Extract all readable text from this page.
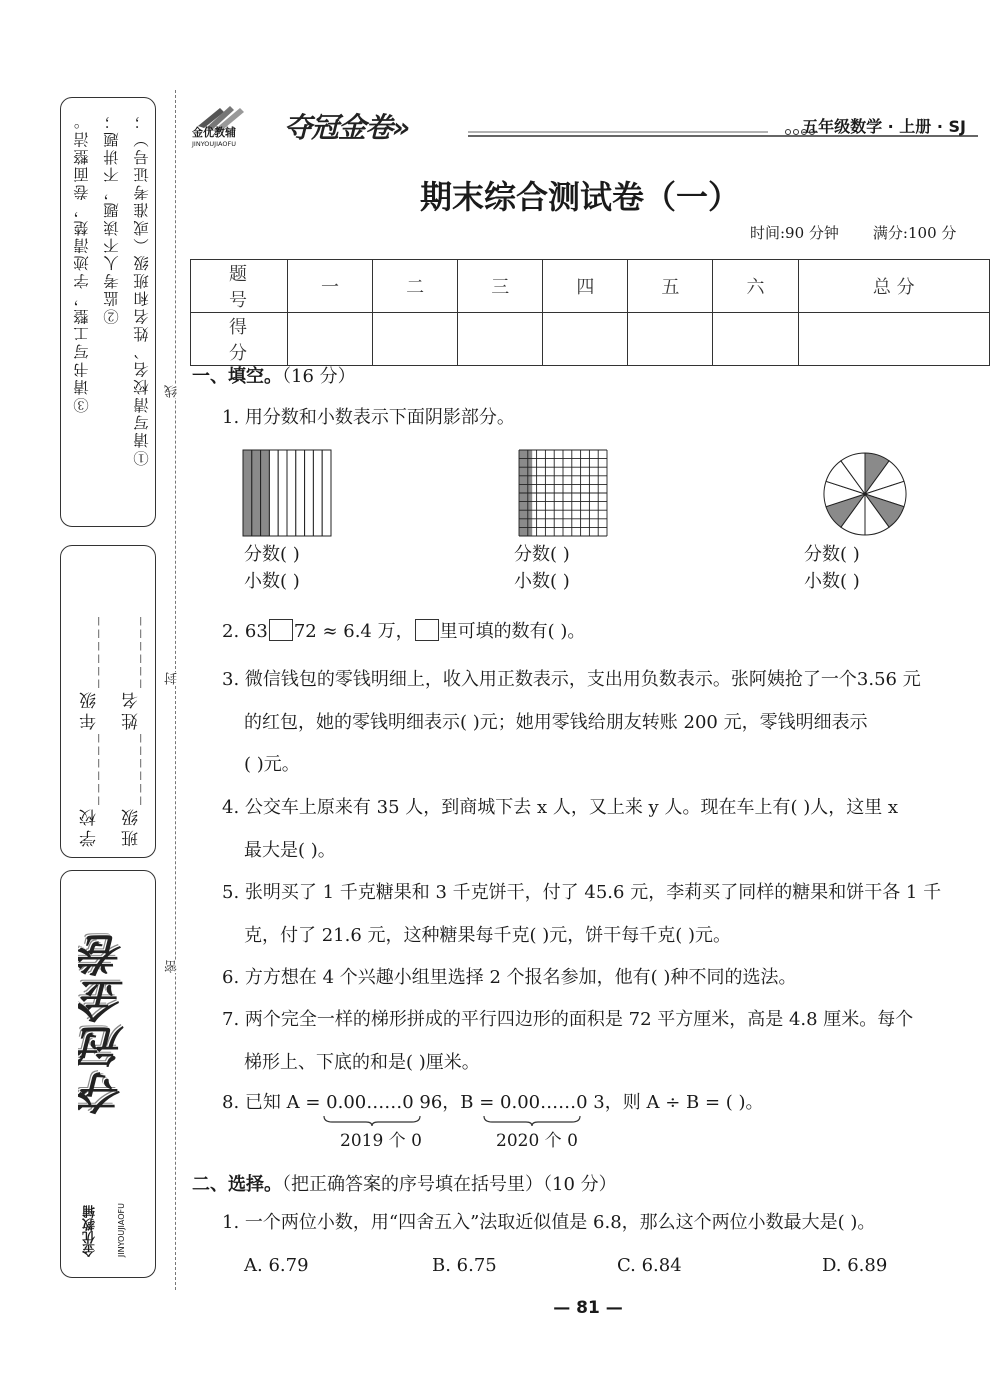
①请写清校名、姓名和班级（或准考证号）；
②监考人不读题，不讲题；
③请书写工整，字迹清楚，卷面整洁。
学校______年级______ 班级______姓名______
夺冠金卷
金优教辅 JINYOUJIAOFU
线
封
密
金优教辅
JINYOUJIAOFU 夺冠金卷»	五年级数学 · 上册 · SJ
期末综合测试卷（一）
时间:90 分钟 满分:100 分
题 号	一	二	三	四	五	六	总 分
得 分							
一、填空。（16 分）
1. 用分数和小数表示下面阴影部分。
分数( )
小数( )
分数( )
小数( )
分数( )
小数( )
2. 63 72 ≈ 6.4 万， 里可填的数有( )。
3. 微信钱包的零钱明细上，收入用正数表示，支出用负数表示。张阿姨抢了一个3.56 元
的红包，她的零钱明细表示( )元；她用零钱给朋友转账 200 元，零钱明细表示
( )元。
4. 公交车上原来有 35 人，到商城下去 x 人，又上来 y 人。现在车上有( )人，这里 x
最大是( )。
5. 张明买了 1 千克糖果和 3 千克饼干，付了 45.6 元，李莉买了同样的糖果和饼干各 1 千
克，付了 21.6 元，这种糖果每千克( )元，饼干每千克( )元。
6. 方方想在 4 个兴趣小组里选择 2 个报名参加，他有( )种不同的选法。
7. 两个完全一样的梯形拼成的平行四边形的面积是 72 平方厘米，高是 4.8 厘米。每个
梯形上、下底的和是( )厘米。
8. 已知 A = 0.00……0 96，B = 0.00……0 3，则 A ÷ B = ( )。
2019 个 0	2020 个 0
二、选择。（把正确答案的序号填在括号里）（10 分）
1. 一个两位小数，用“四舍五入”法取近似值是 6.8，那么这个两位小数最大是( )。
A. 6.79	B. 6.75	C. 6.84	D. 6.89
— 81 —
